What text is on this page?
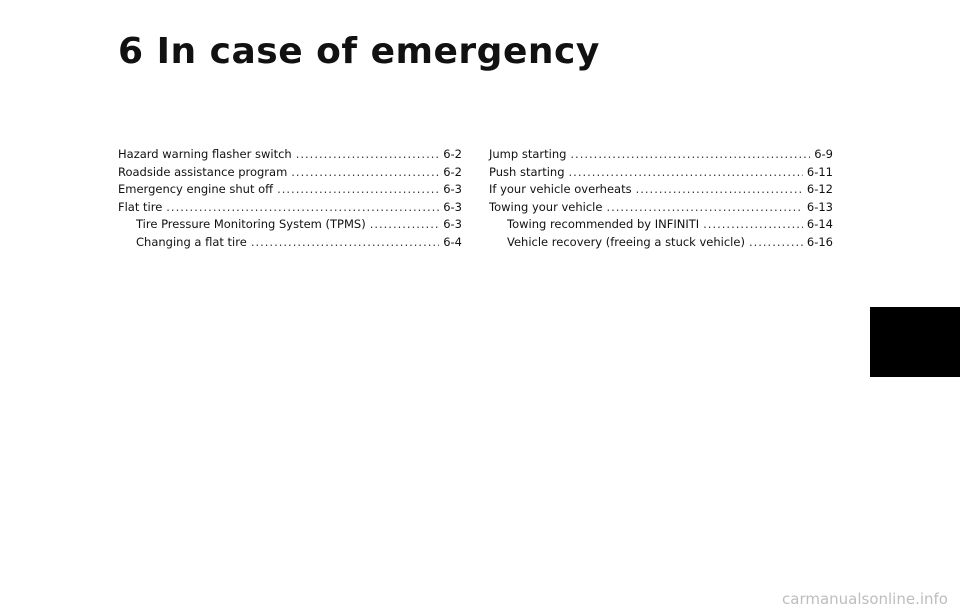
6 In case of emergency
Hazard warning flasher switch .....	6-2
Roadside assistance program .....	6-2
Emergency engine shut off .....	6-3
Flat tire .....	6-3
Tire Pressure Monitoring System (TPMS) .....	6-3
Changing a flat tire .....	6-4
Jump starting .....	6-9
Push starting .....	6-11
If your vehicle overheats .....	6-12
Towing your vehicle .....	6-13
Towing recommended by INFINITI .....	6-14
Vehicle recovery (freeing a stuck vehicle) .....	6-16
carmanualsonline.info
